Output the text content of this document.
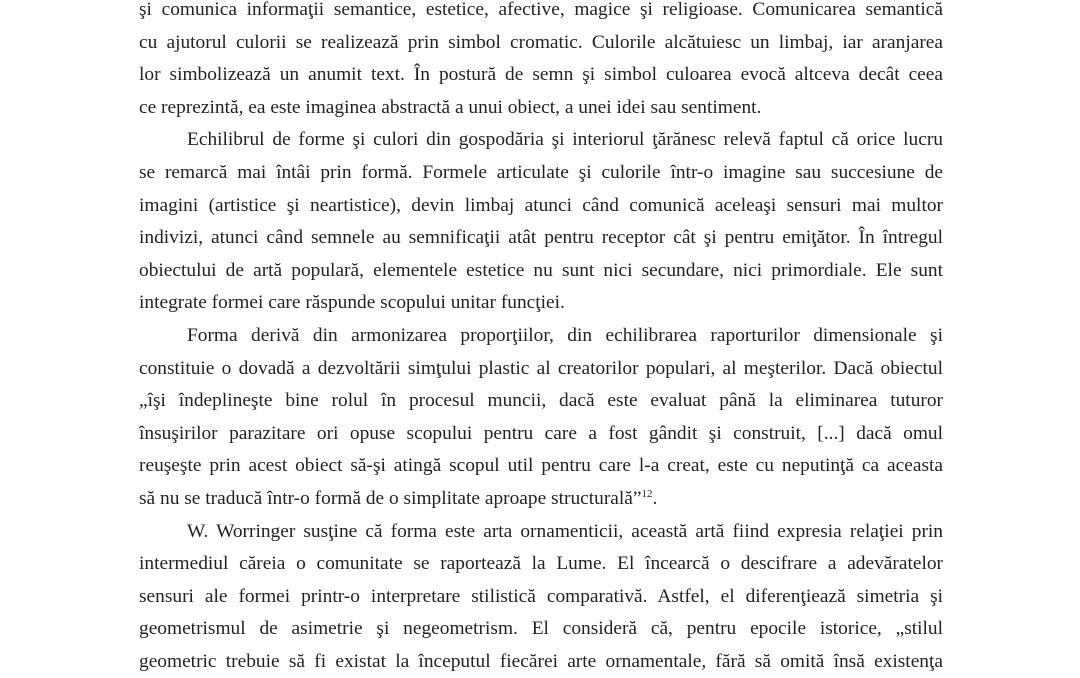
şi comunica informaţii semantice, estetice, afective, magice şi religioase. Comunicarea semantică
cu ajutorul culorii se realizează prin simbol cromatic. Culorile alcătuiesc un limbaj, iar aranjarea
lor simbolizează un anumit text. În postură de semn şi simbol culoarea evocă altceva decât ceea
ce reprezintă, ea este imaginea abstractă a unui obiect, a unei idei sau sentiment.

Echilibrul de forme şi culori din gospodăria şi interiorul ţărănesc relevă faptul că orice lucru
se remarcă mai întâi prin formă. Formele articulate şi culorile într-o imagine sau succesiune de
imagini (artistice şi neartistice), devin limbaj atunci când comunică aceleaşi sensuri mai multor
indivizi, atunci când semnele au semnificaţii atât pentru receptor cât şi pentru emiţător. În întregul
obiectului de artă populară, elementele estetice nu sunt nici secundare, nici primordiale. Ele sunt
integrate formei care răspunde scopului unitar funcţiei.

Forma derivă din armonizarea proporţiilor, din echilibrarea raporturilor dimensionale şi
constituie o dovadă a dezvoltării simţului plastic al creatorilor populari, al meşterilor. Dacă obiectul
„îşi îndeplineşte bine rolul în procesul muncii, dacă este evaluat până la eliminarea tuturor
însuşirilor parazitare ori opuse scopului pentru care a fost gândit şi construit, [...] dacă omul
reuşeşte prin acest obiect să-şi atingă scopul util pentru care l-a creat, este cu neputinţă ca aceasta
să nu se traducă într-o formă de o simplitate aproape structurală”$^{12}$.

W. Worringer susţine că forma este arta ornamenticii, această artă fiind expresia relaţiei prin
intermediul căreia o comunitate se raportează la Lume. El încearcă o descifrare a adevăratelor
sensuri ale formei printr-o interpretare stilistică comparativă. Astfel, el diferenţiează simetria şi
geometrismul de asimetrie şi negeometrism. El consideră că, pentru epocile istorice, „stilul
geometric trebuie să fi existat la începutul fiecărei arte ornamentale, fără să omită însă existenţa
